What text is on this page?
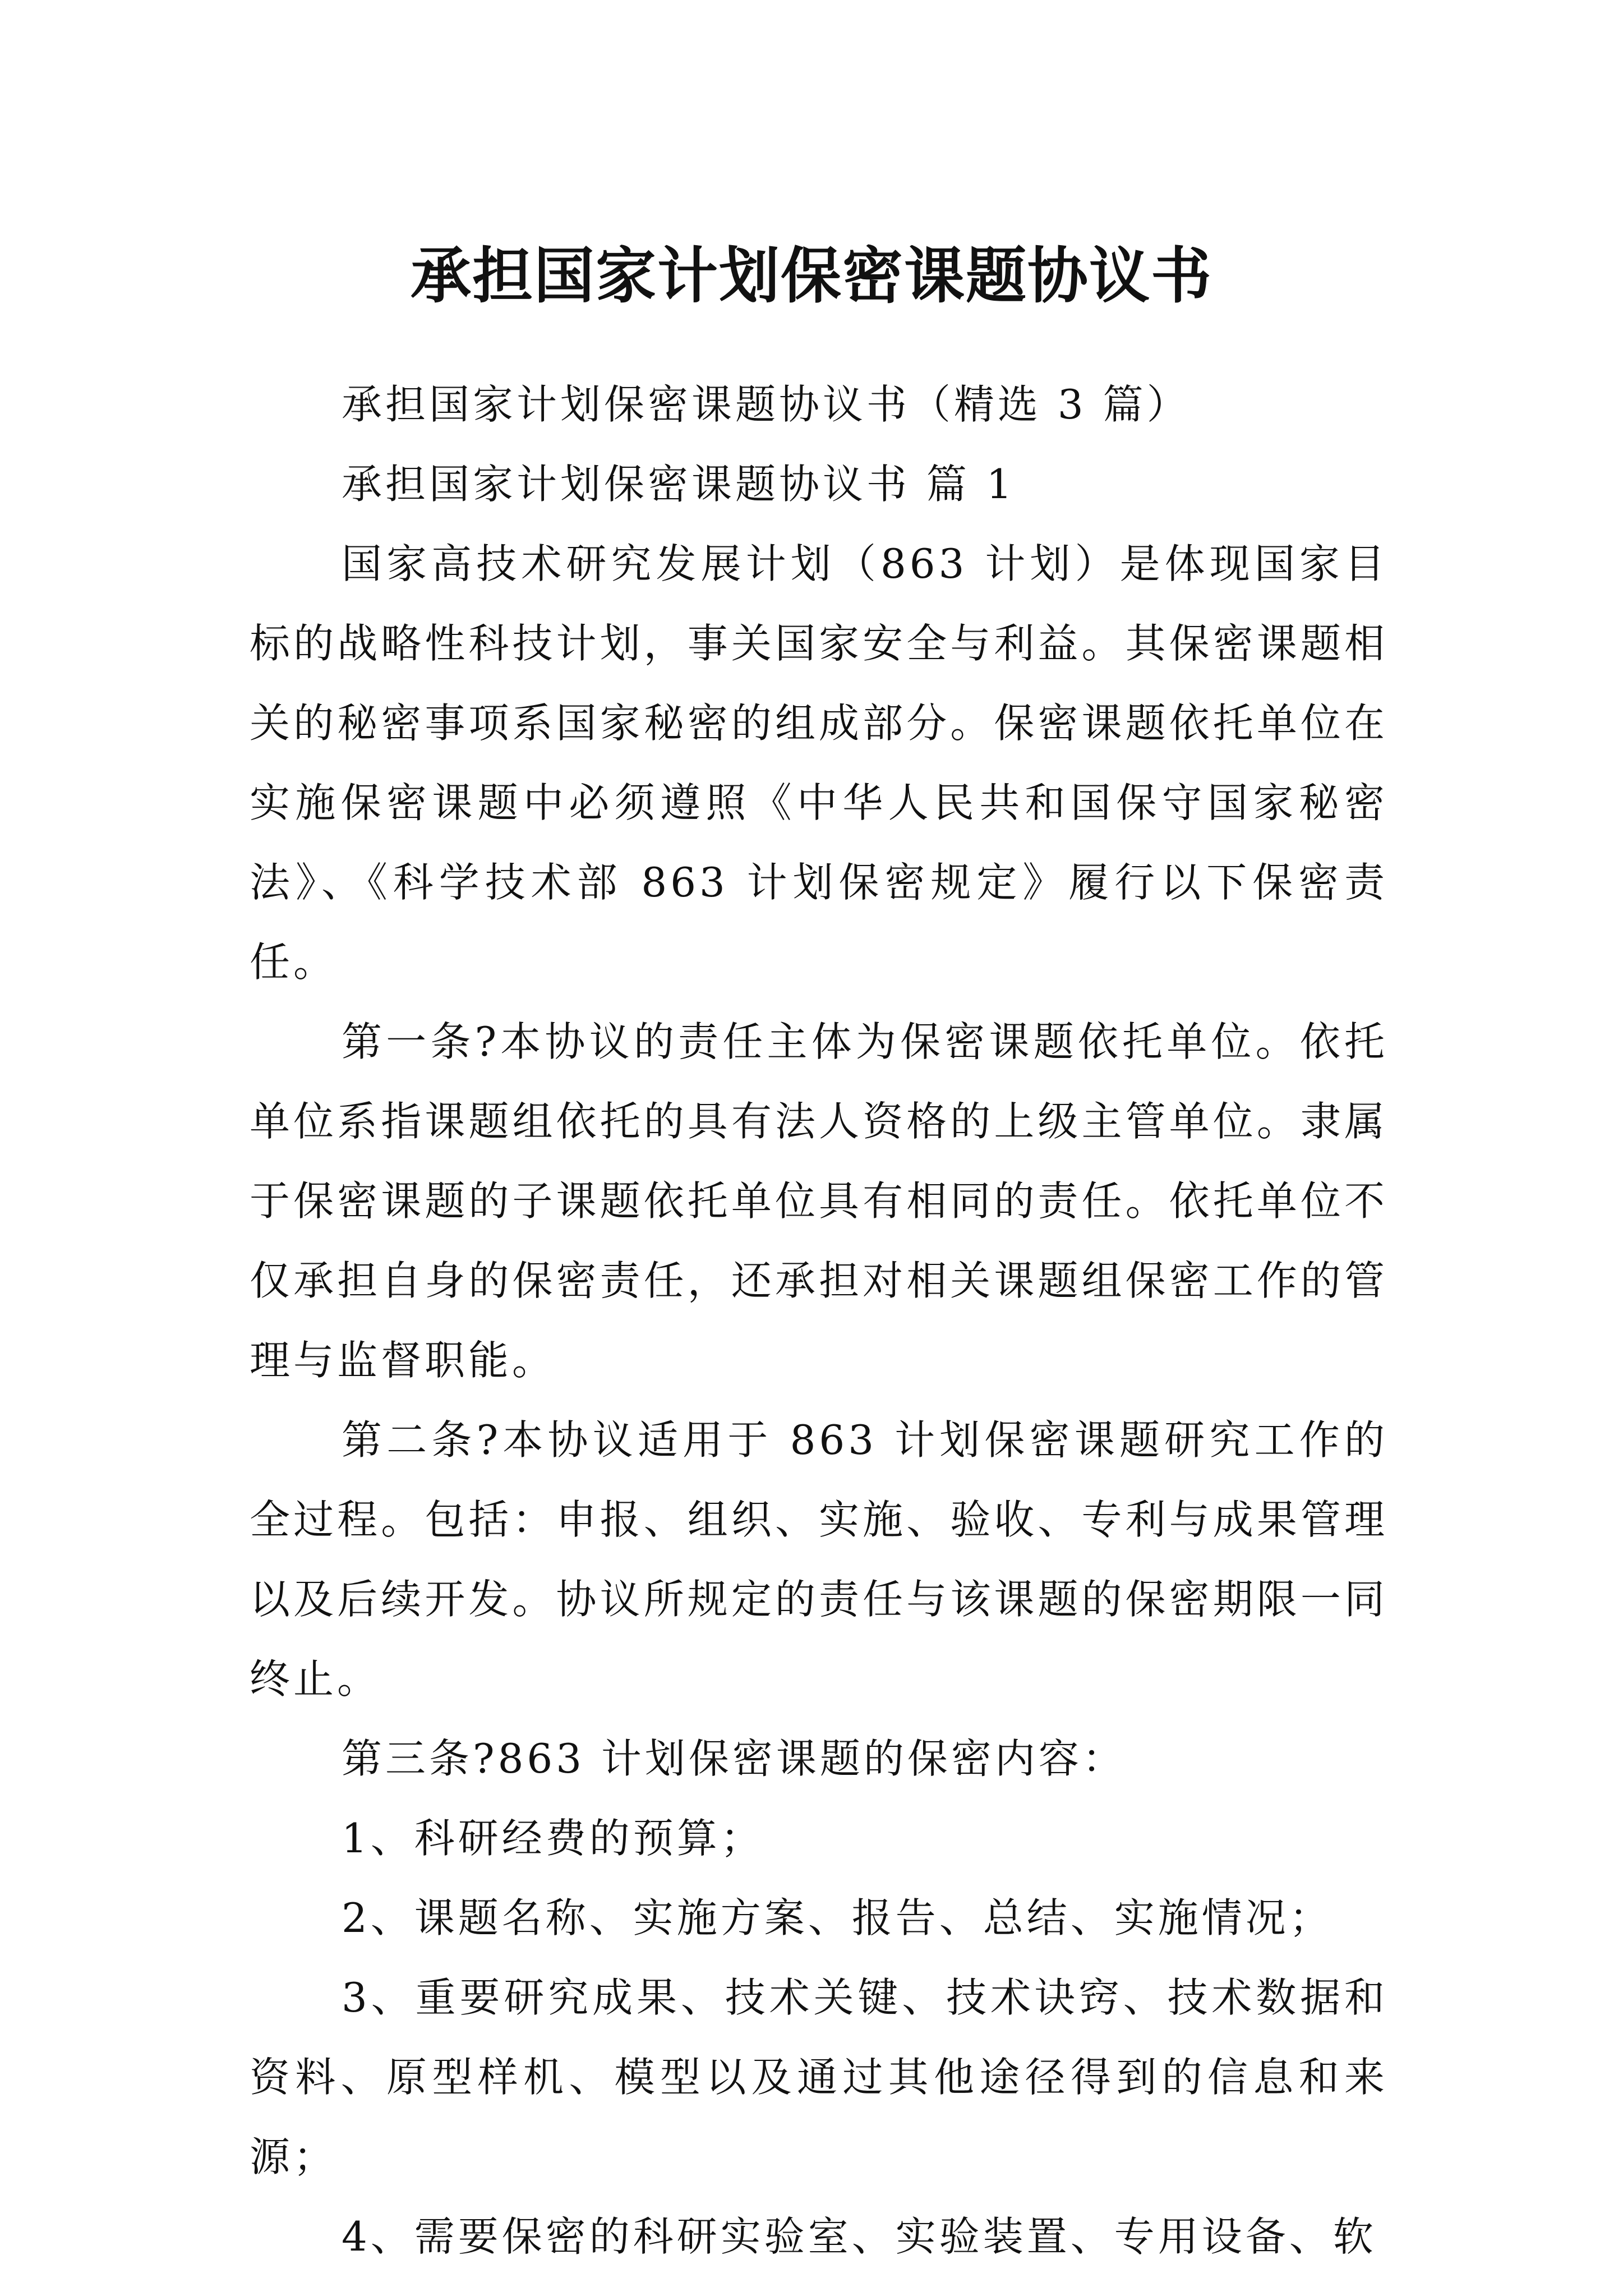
承担国家计划保密课题协议书

承担国家计划保密课题协议书（精选 3 篇）

承担国家计划保密课题协议书 篇 1

国家高技术研究发展计划（863 计划）是体现国家目标的战略性科技计划，事关国家安全与利益。其保密课题相关的秘密事项系国家秘密的组成部分。保密课题依托单位在实施保密课题中必须遵照《中华人民共和国保守国家秘密法》、《科学技术部 863 计划保密规定》履行以下保密责任。

第一条?本协议的责任主体为保密课题依托单位。依托单位系指课题组依托的具有法人资格的上级主管单位。隶属于保密课题的子课题依托单位具有相同的责任。依托单位不仅承担自身的保密责任，还承担对相关课题组保密工作的管理与监督职能。

第二条?本协议适用于 863 计划保密课题研究工作的全过程。包括：申报、组织、实施、验收、专利与成果管理以及后续开发。协议所规定的责任与该课题的保密期限一同终止。

第三条?863 计划保密课题的保密内容：

1、科研经费的预算；

2、课题名称、实施方案、报告、总结、实施情况；

3、重要研究成果、技术关键、技术诀窍、技术数据和资料、原型样机、模型以及通过其他途径得到的信息和来源；

4、需要保密的科研实验室、实验装置、专用设备、软
